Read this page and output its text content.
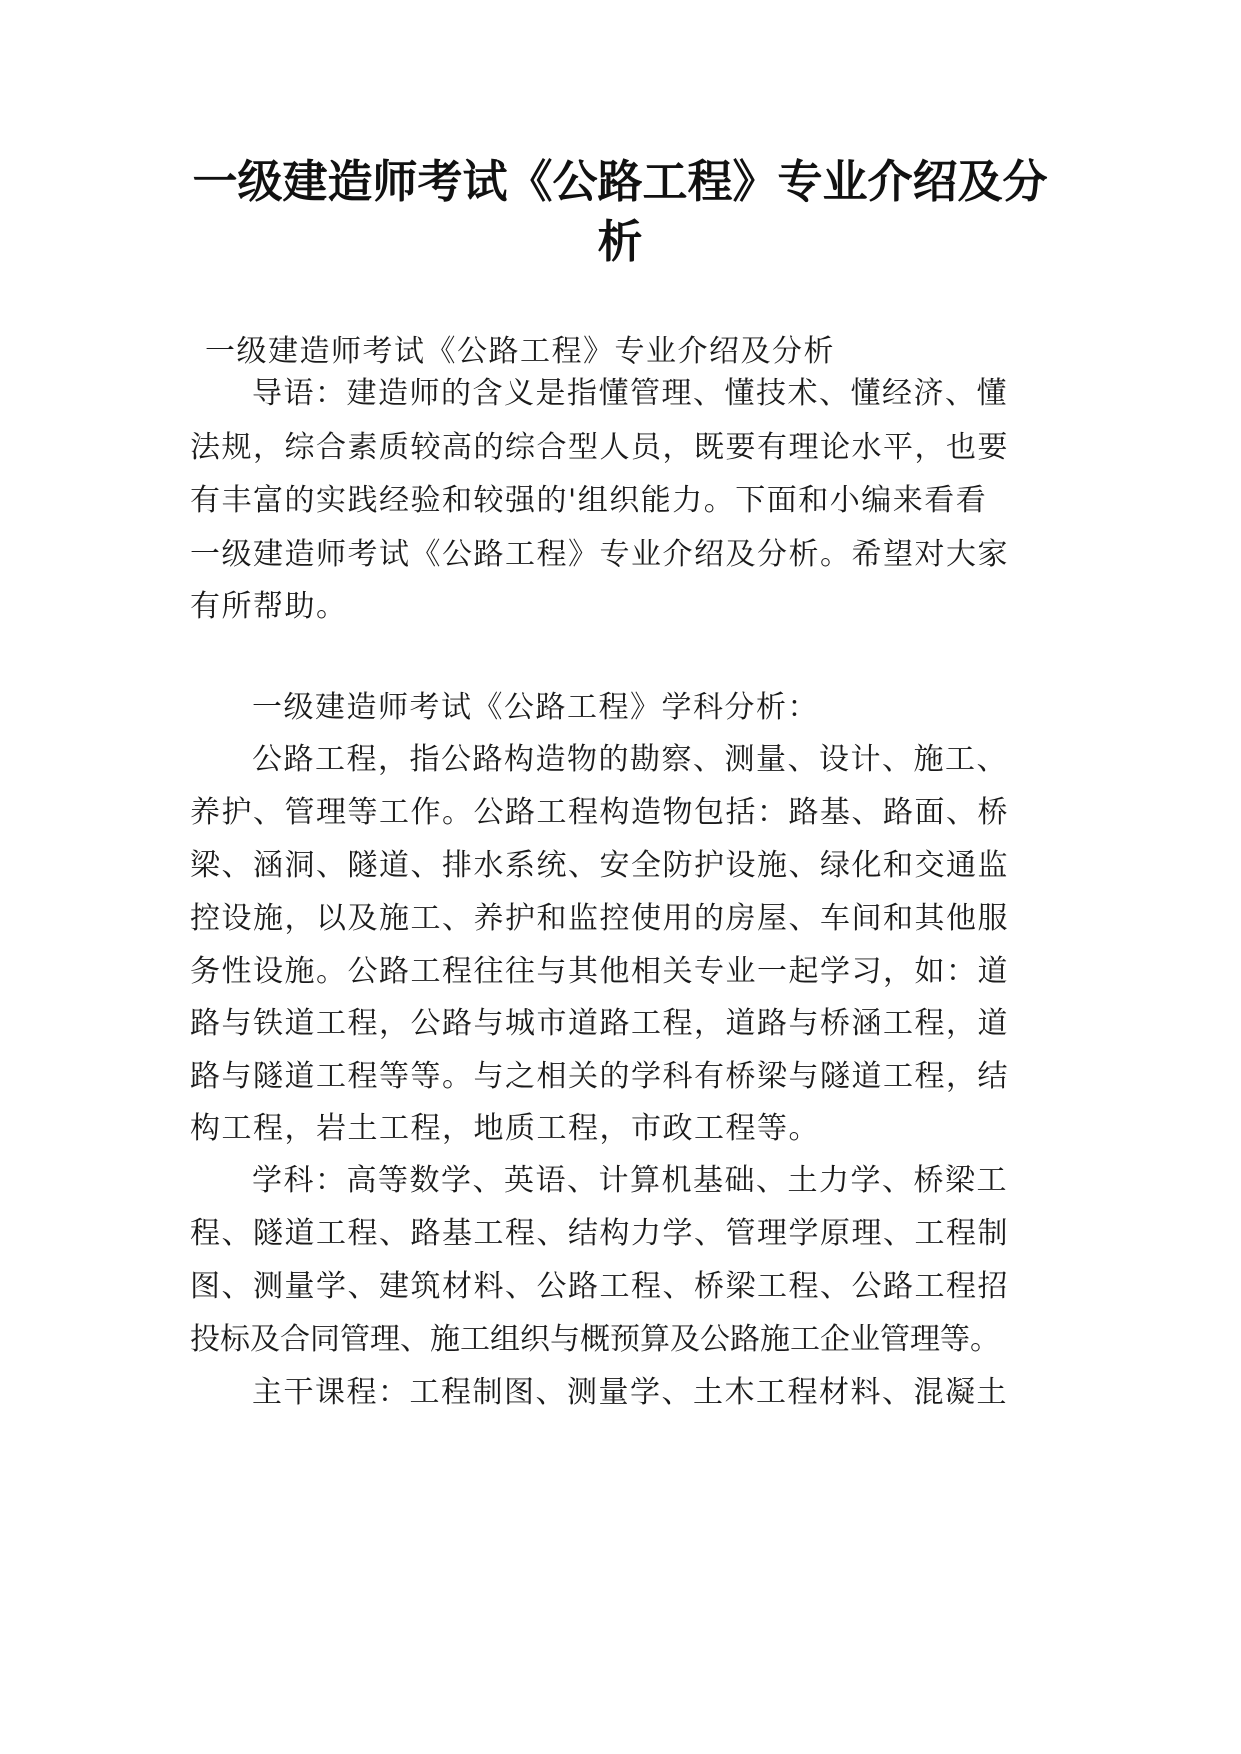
一级建造师考试《公路工程》专业介绍及分
析
一级建造师考试《公路工程》专业介绍及分析
导语：建造师的含义是指懂管理、懂技术、懂经济、懂
法规，综合素质较高的综合型人员，既要有理论水平，也要
有丰富的实践经验和较强的'组织能力。下面和小编来看看
一级建造师考试《公路工程》专业介绍及分析。希望对大家
有所帮助。
一级建造师考试《公路工程》学科分析：
公路工程，指公路构造物的勘察、测量、设计、施工、
养护、管理等工作。公路工程构造物包括：路基、路面、桥
梁、涵洞、隧道、排水系统、安全防护设施、绿化和交通监
控设施，以及施工、养护和监控使用的房屋、车间和其他服
务性设施。公路工程往往与其他相关专业一起学习，如：道
路与铁道工程，公路与城市道路工程，道路与桥涵工程，道
路与隧道工程等等。与之相关的学科有桥梁与隧道工程，结
构工程，岩土工程，地质工程，市政工程等。
学科：高等数学、英语、计算机基础、土力学、桥梁工
程、隧道工程、路基工程、结构力学、管理学原理、工程制
图、测量学、建筑材料、公路工程、桥梁工程、公路工程招
投标及合同管理、施工组织与概预算及公路施工企业管理等。
主干课程：工程制图、测量学、土木工程材料、混凝土
